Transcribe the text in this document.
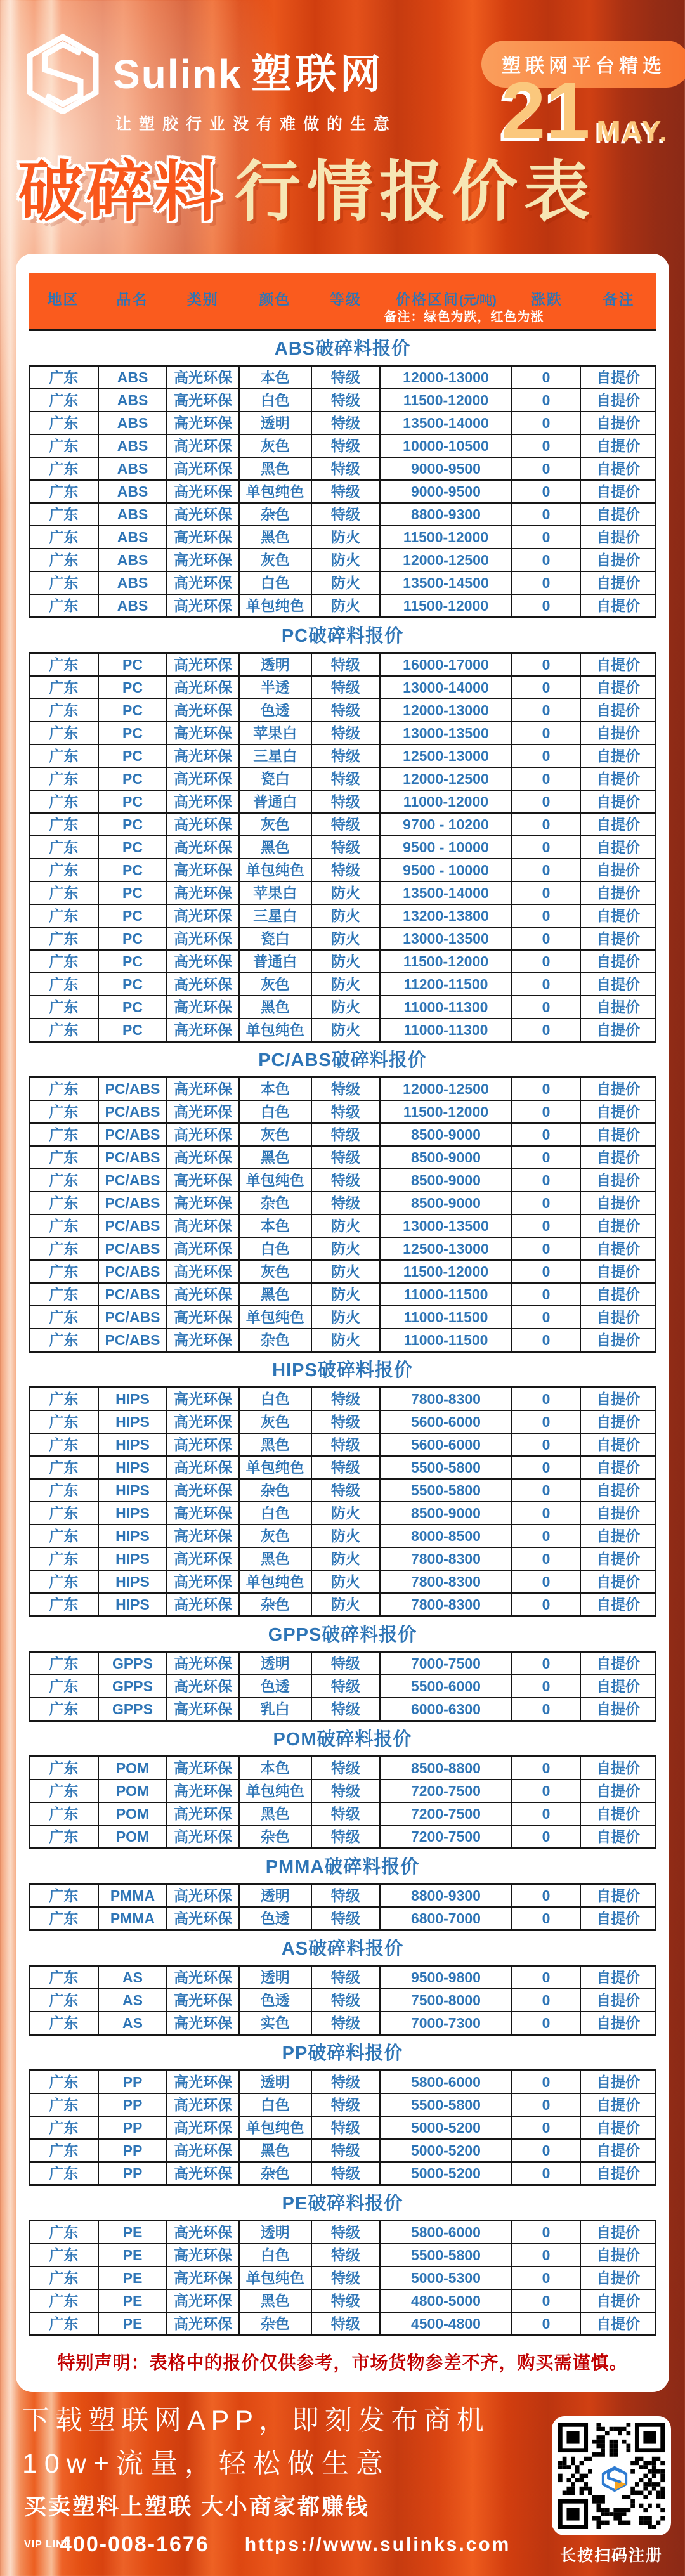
Sulink 塑联网
让塑胶行业没有难做的生意
塑联网平台精选
21 MAY.
破碎料 行情报价表
地区	品名	类别	颜色	等级	价格区间(元/吨)	涨跌	备注
备注：绿色为跌，红色为涨
ABS破碎料报价
广东	ABS	高光环保	本色	特级	12000-13000	0	自提价
广东	ABS	高光环保	白色	特级	11500-12000	0	自提价
广东	ABS	高光环保	透明	特级	13500-14000	0	自提价
广东	ABS	高光环保	灰色	特级	10000-10500	0	自提价
广东	ABS	高光环保	黑色	特级	9000-9500	0	自提价
广东	ABS	高光环保 单包纯色	特级	9000-9500	0	自提价
广东	ABS	高光环保	杂色	特级	8800-9300	0	自提价
广东	ABS	高光环保	黑色	防火	11500-12000	0	自提价
广东	ABS	高光环保	灰色	防火	12000-12500	0	自提价
广东	ABS	高光环保	白色	防火	13500-14500	0	自提价
广东	ABS	高光环保 单包纯色	防火	11500-12000	0	自提价
PC破碎料报价
广东	PC	高光环保	透明	特级	16000-17000	0	自提价
广东	PC	高光环保	半透	特级	13000-14000	0	自提价
广东	PC	高光环保	色透	特级	12000-13000	0	自提价
广东	PC	高光环保	苹果白	特级	13000-13500	0	自提价
广东	PC	高光环保	三星白	特级	12500-13000	0	自提价
广东	PC	高光环保	瓷白	特级	12000-12500	0	自提价
广东	PC	高光环保	普通白	特级	11000-12000	0	自提价
广东	PC	高光环保	灰色	特级	9700 - 10200	0	自提价
广东	PC	高光环保	黑色	特级	9500 - 10000	0	自提价
广东	PC	高光环保 单包纯色	特级	9500 - 10000	0	自提价
广东	PC	高光环保	苹果白	防火	13500-14000	0	自提价
广东	PC	高光环保	三星白	防火	13200-13800	0	自提价
广东	PC	高光环保	瓷白	防火	13000-13500	0	自提价
广东	PC	高光环保	普通白	防火	11500-12000	0	自提价
广东	PC	高光环保	灰色	防火	11200-11500	0	自提价
广东	PC	高光环保	黑色	防火	11000-11300	0	自提价
广东	PC	高光环保 单包纯色	防火	11000-11300	0	自提价
PC/ABS破碎料报价
广东	PC/ABS 高光环保	本色	特级	12000-12500	0	自提价
广东	PC/ABS 高光环保	白色	特级	11500-12000	0	自提价
广东	PC/ABS 高光环保	灰色	特级	8500-9000	0	自提价
广东	PC/ABS 高光环保	黑色	特级	8500-9000	0	自提价
广东	PC/ABS 高光环保 单包纯色	特级	8500-9000	0	自提价
广东	PC/ABS 高光环保	杂色	特级	8500-9000	0	自提价
广东	PC/ABS 高光环保	本色	防火	13000-13500	0	自提价
广东	PC/ABS 高光环保	白色	防火	12500-13000	0	自提价
广东	PC/ABS 高光环保	灰色	防火	11500-12000	0	自提价
广东	PC/ABS 高光环保	黑色	防火	11000-11500	0	自提价
广东	PC/ABS 高光环保 单包纯色	防火	11000-11500	0	自提价
广东	PC/ABS 高光环保	杂色	防火	11000-11500	0	自提价
HIPS破碎料报价
广东	HIPS	高光环保	白色	特级	7800-8300	0	自提价
广东	HIPS	高光环保	灰色	特级	5600-6000	0	自提价
广东	HIPS	高光环保	黑色	特级	5600-6000	0	自提价
广东	HIPS	高光环保 单包纯色	特级	5500-5800	0	自提价
广东	HIPS	高光环保	杂色	特级	5500-5800	0	自提价
广东	HIPS	高光环保	白色	防火	8500-9000	0	自提价
广东	HIPS	高光环保	灰色	防火	8000-8500	0	自提价
广东	HIPS	高光环保	黑色	防火	7800-8300	0	自提价
广东	HIPS	高光环保 单包纯色	防火	7800-8300	0	自提价
广东	HIPS	高光环保	杂色	防火	7800-8300	0	自提价
GPPS破碎料报价
广东	GPPS	高光环保	透明	特级	7000-7500	0	自提价
广东	GPPS	高光环保	色透	特级	5500-6000	0	自提价
广东	GPPS	高光环保	乳白	特级	6000-6300	0	自提价
POM破碎料报价
广东	POM	高光环保	本色	特级	8500-8800	0	自提价
广东	POM	高光环保 单包纯色	特级	7200-7500	0	自提价
广东	POM	高光环保	黑色	特级	7200-7500	0	自提价
广东	POM	高光环保	杂色	特级	7200-7500	0	自提价
PMMA破碎料报价
广东	PMMA	高光环保	透明	特级	8800-9300	0	自提价
广东	PMMA	高光环保	色透	特级	6800-7000	0	自提价
AS破碎料报价
广东	AS	高光环保	透明	特级	9500-9800	0	自提价
广东	AS	高光环保	色透	特级	7500-8000	0	自提价
广东	AS	高光环保	实色	特级	7000-7300	0	自提价
PP破碎料报价
广东	PP	高光环保	透明	特级	5800-6000	0	自提价
广东	PP	高光环保	白色	特级	5500-5800	0	自提价
广东	PP	高光环保 单包纯色	特级	5000-5200	0	自提价
广东	PP	高光环保	黑色	特级	5000-5200	0	自提价
广东	PP	高光环保	杂色	特级	5000-5200	0	自提价
PE破碎料报价
广东	PE	高光环保	透明	特级	5800-6000	0	自提价
广东	PE	高光环保	白色	特级	5500-5800	0	自提价
广东	PE	高光环保 单包纯色	特级	5000-5300	0	自提价
广东	PE	高光环保	黑色	特级	4800-5000	0	自提价
广东	PE	高光环保	杂色	特级	4500-4800	0	自提价

特别声明：表格中的报价仅供参考，市场货物参差不齐，购买需谨慎。

下载塑联网APP，即刻发布商机

10w+流量，轻松做生意

买卖塑料上塑联 大小商家都赚钱

VIP LINE
400-008-1676 https://www.sulinks.com

长按扫码注册
